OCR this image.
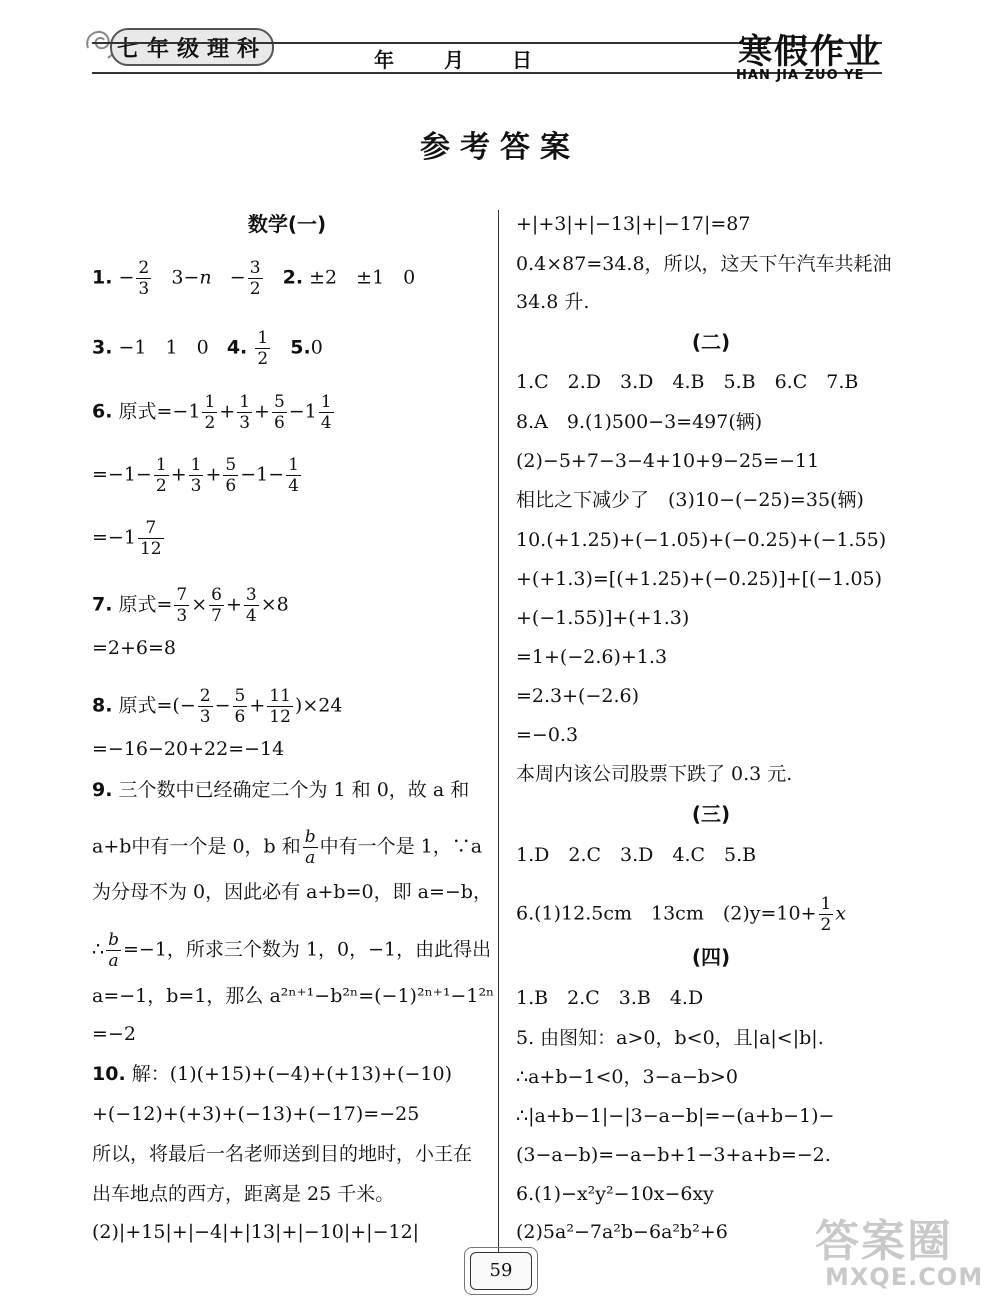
七年级理科	年	月 日	寒假作业
HAN JIA ZUO YE
参考答案
数学(一)
1. − $\frac{2}{3} 3-n - \frac{3}{2} 2$. ±2　±1　0
3. −1　1　0 4. $\frac{1}{2} 5.0$
6. 原式$=-1 \frac{1}{2} + \frac{1}{3} + \frac{5}{6} -1 \frac{1}{4}$
$=-1- \frac{1}{2} + \frac{1}{3} + \frac{5}{6} -1- \frac{1}{4}$
$=-1 \frac{7}{12}$
7. 原式= $\frac{7}{3} \times \frac{6}{7} + \frac{3}{4} \times 8$
=2+6=8
8. 原式=(− $\frac{2}{3} - \frac{5}{6} + \frac{11}{12} )\times 24$
=−16−20+22=−14
9. 三个数中已经确定二个为 1 和 0，故 a 和
a+b中有一个是 0，b 和 $\frac{b}{a}$ 中有一个是 1，∵a
为分母不为 0，因此必有 a+b=0，即 a=−b，
∴ $\frac{b}{a} =-1$，所求三个数为 1，0，−1，由此得出
a=−1，b=1，那么 a²ⁿ⁺¹−b²ⁿ=(−1)²ⁿ⁺¹−1²ⁿ
=−2
10. 解：(1)(+15)+(−4)+(+13)+(−10)
+(−12)+(+3)+(−13)+(−17)=−25
所以，将最后一名老师送到目的地时，小王在
出车地点的西方，距离是 25 千米。
(2)|+15|+|−4|+|13|+|−10|+|−12|
+|+3|+|−13|+|−17|=87
0.4×87=34.8，所以，这天下午汽车共耗油
34.8 升.
(二)
1.C　2.D　3.D　4.B　5.B　6.C　7.B
8.A　9.(1)500−3=497(辆)
(2)−5+7−3−4+10+9−25=−11
相比之下减少了　(3)10−(−25)=35(辆)
10.(+1.25)+(−1.05)+(−0.25)+(−1.55)
+(+1.3)=[(+1.25)+(−0.25)]+[(−1.05)
+(−1.55)]+(+1.3)
=1+(−2.6)+1.3
=2.3+(−2.6)
=−0.3
本周内该公司股票下跌了 0.3 元.
(三)
1.D　2.C　3.D　4.C　5.B
6.(1)12.5cm　13cm　$(2)y=10+ \frac{1}{2}$ x
(四)
1.B　2.C　3.B　4.D
5. 由图知：a>0，b<0，且|a|<|b|.
∴a+b−1<0，3−a−b>0
∴|a+b−1|−|3−a−b|=−(a+b−1)−
(3−a−b)=−a−b+1−3+a+b=−2.
6.(1)−x²y²−10x−6xy
(2)5a²−7a²b−6a²b²+6
59
答案圈
MXQE.COM
